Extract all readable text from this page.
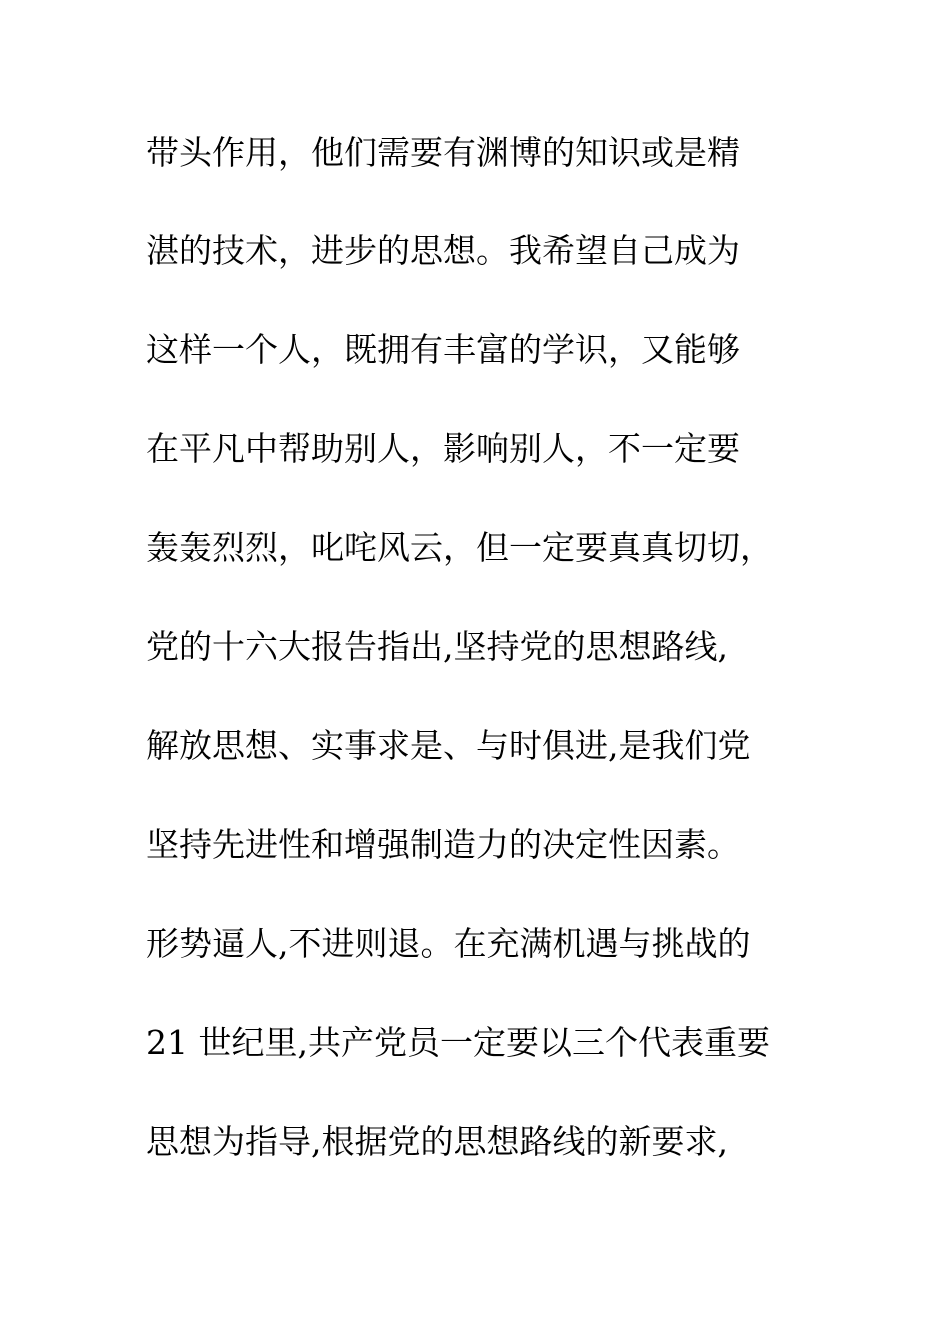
带头作用，他们需要有渊博的知识或是精
湛的技术，进步的思想。我希望自己成为
这样一个人，既拥有丰富的学识，又能够
在平凡中帮助别人，影响别人，不一定要
轰轰烈烈，叱咤风云，但一定要真真切切，
党的十六大报告指出,坚持党的思想路线,
解放思想、实事求是、与时俱进,是我们党
坚持先进性和增强制造力的决定性因素。
形势逼人,不进则退。在充满机遇与挑战的
21 世纪里,共产党员一定要以三个代表重要
思想为指导,根据党的思想路线的新要求,
